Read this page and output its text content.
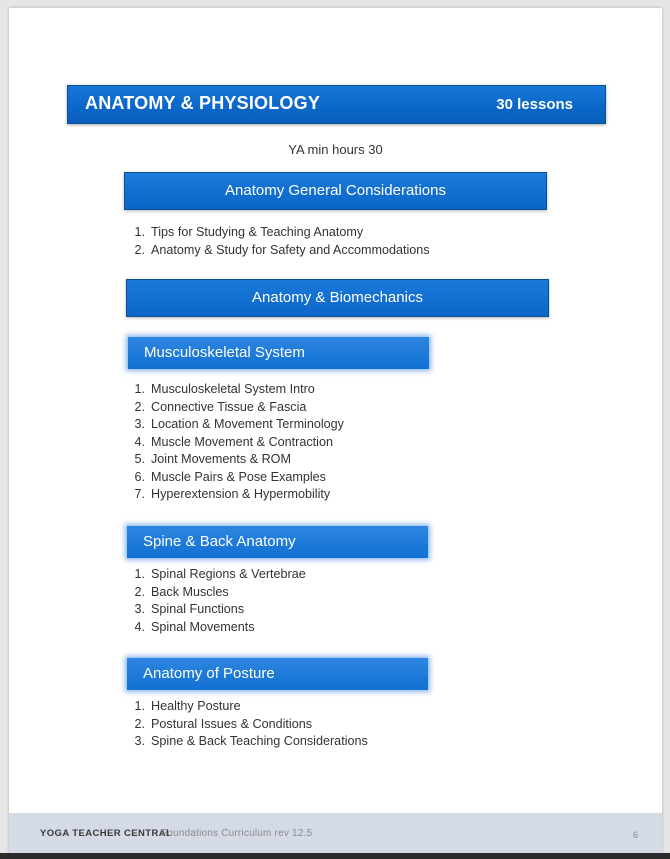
ANATOMY & PHYSIOLOGY	30 lessons
YA min hours 30
Anatomy General Considerations
1. Tips for Studying & Teaching Anatomy
2. Anatomy & Study for Safety and Accommodations
Anatomy & Biomechanics
Musculoskeletal System
1. Musculoskeletal System Intro
2. Connective Tissue & Fascia
3. Location & Movement Terminology
4. Muscle Movement & Contraction
5. Joint Movements & ROM
6. Muscle Pairs & Pose Examples
7. Hyperextension & Hypermobility
Spine & Back Anatomy
1. Spinal Regions & Vertebrae
2. Back Muscles
3. Spinal Functions
4. Spinal Movements
Anatomy of Posture
1. Healthy Posture
2. Postural Issues & Conditions
3. Spine & Back Teaching Considerations
YOGA TEACHER CENTRAL
Foundations Curriculum rev 12.5	6
